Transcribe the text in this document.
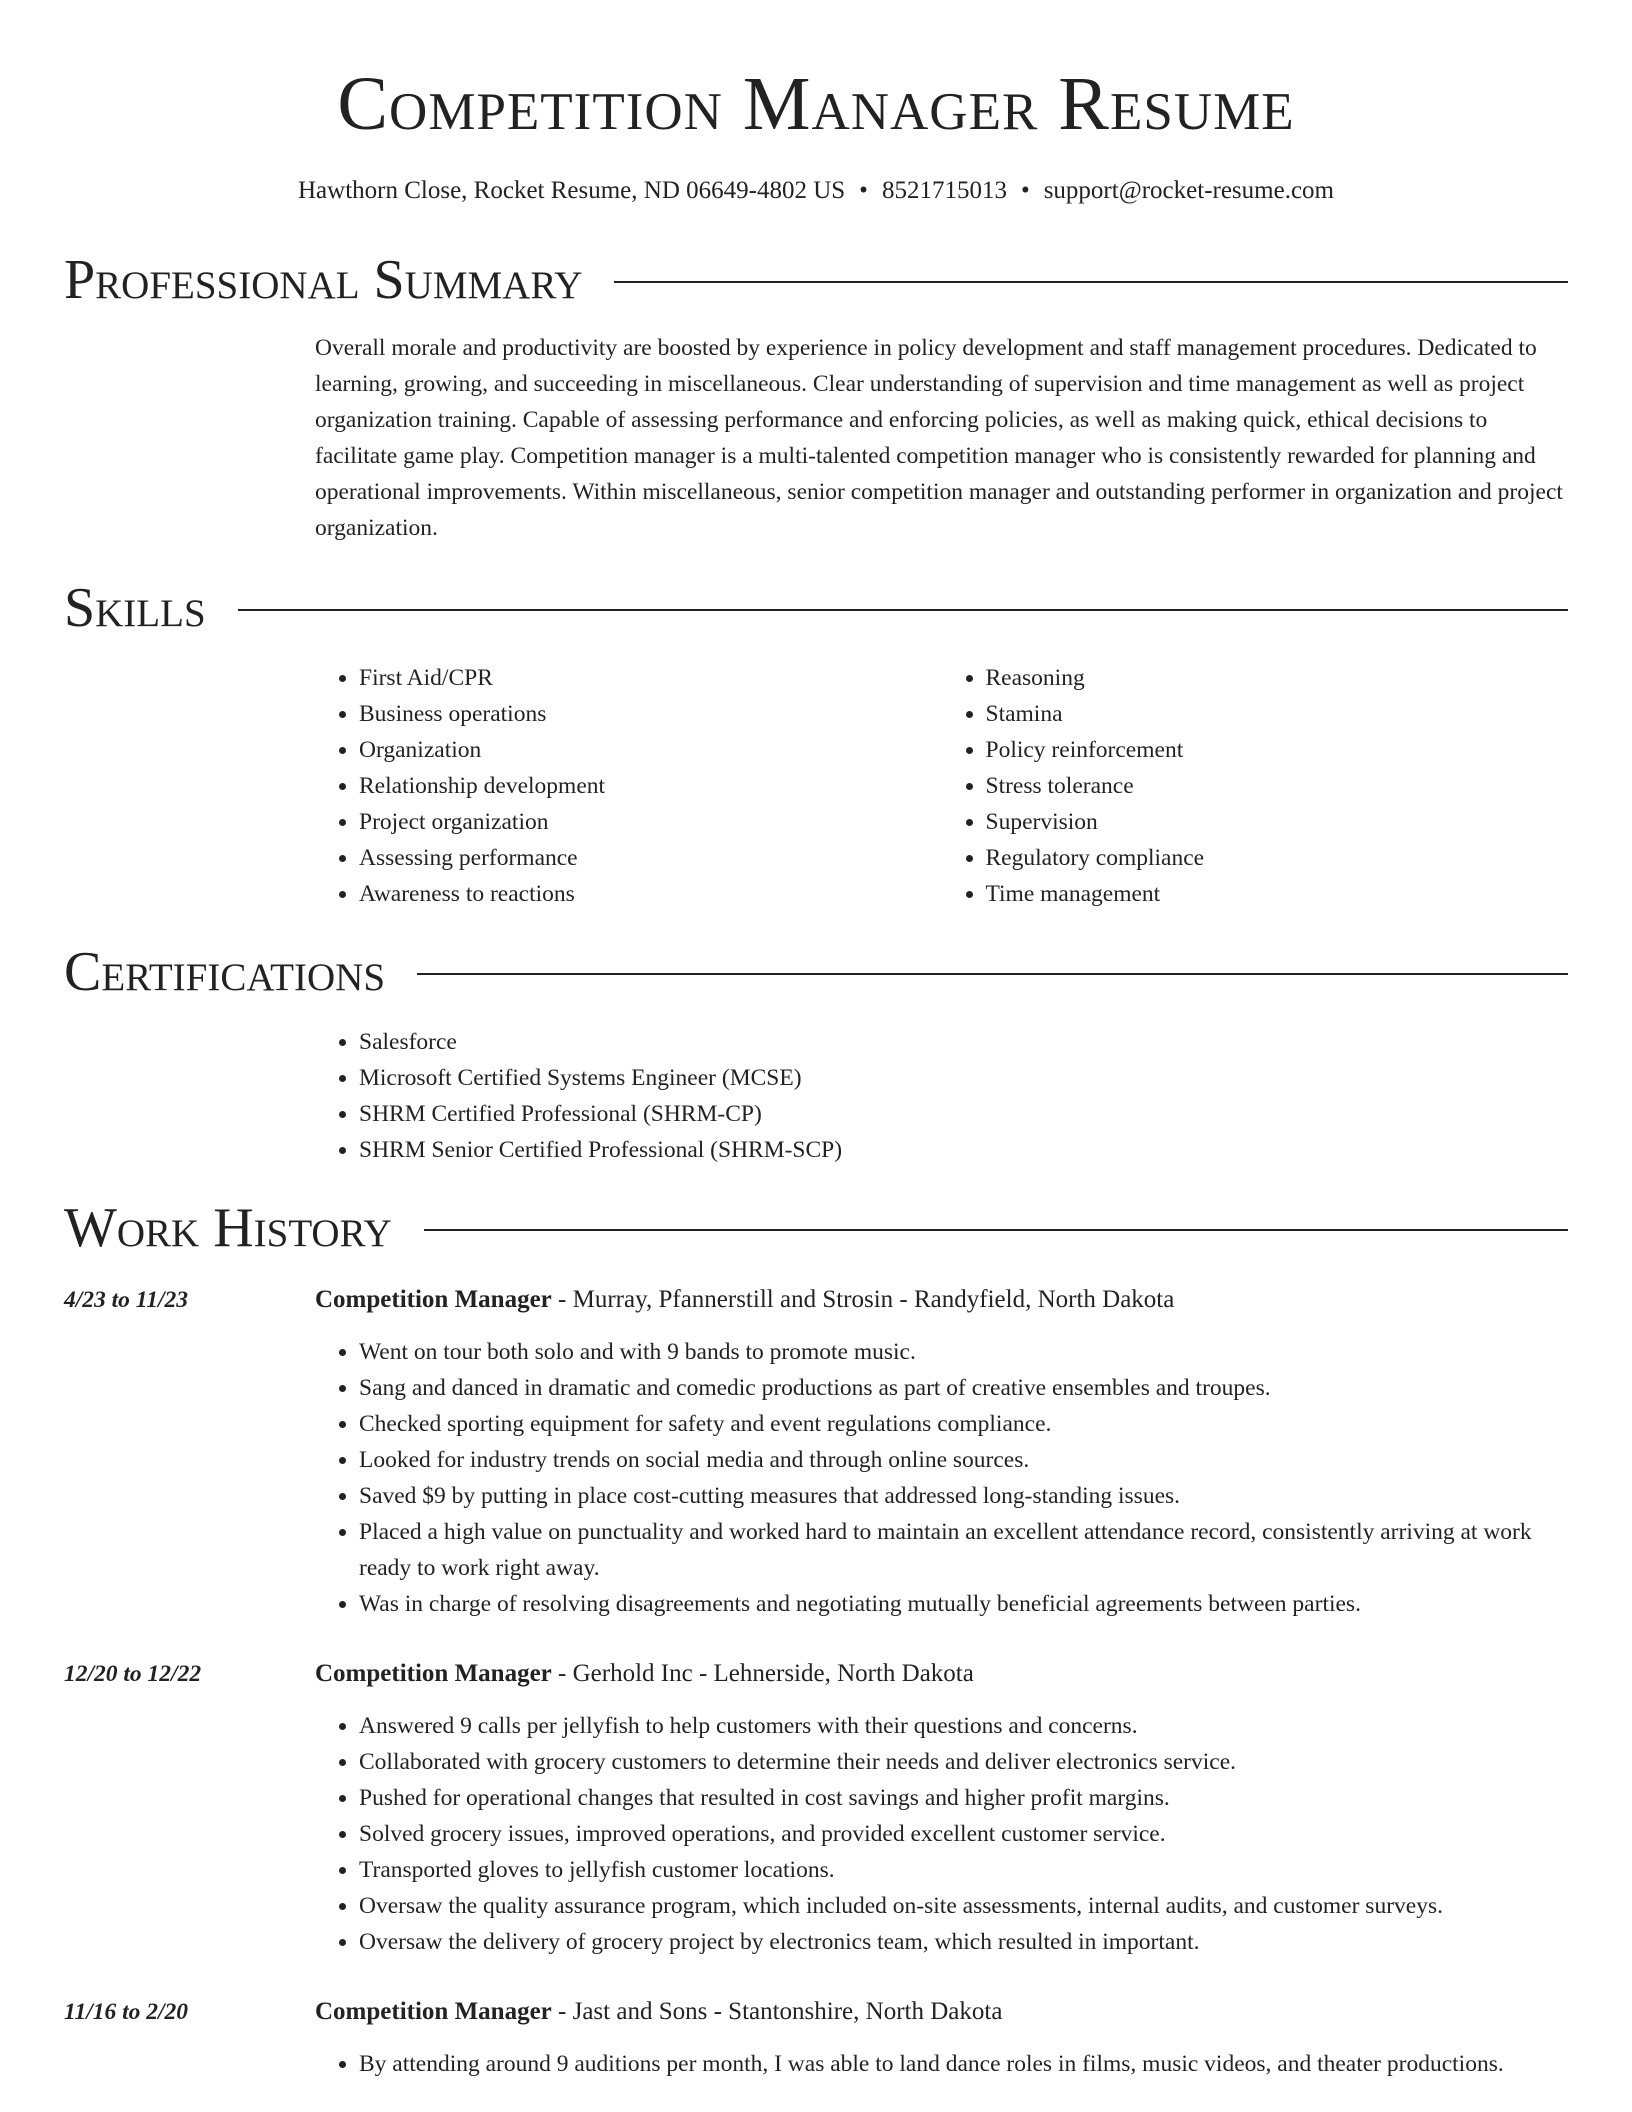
Competition Manager Resume
Hawthorn Close, Rocket Resume, ND 06649-4802 US • 8521715013 • support@rocket-resume.com
Professional Summary
Overall morale and productivity are boosted by experience in policy development and staff management procedures. Dedicated to learning, growing, and succeeding in miscellaneous. Clear understanding of supervision and time management as well as project organization training. Capable of assessing performance and enforcing policies, as well as making quick, ethical decisions to facilitate game play. Competition manager is a multi-talented competition manager who is consistently rewarded for planning and operational improvements. Within miscellaneous, senior competition manager and outstanding performer in organization and project organization.
Skills
• First Aid/CPR
• Business operations
• Organization
• Relationship development
• Project organization
• Assessing performance
• Awareness to reactions
• Reasoning
• Stamina
• Policy reinforcement
• Stress tolerance
• Supervision
• Regulatory compliance
• Time management
Certifications
• Salesforce
• Microsoft Certified Systems Engineer (MCSE)
• SHRM Certified Professional (SHRM-CP)
• SHRM Senior Certified Professional (SHRM-SCP)
Work History
4/23 to 11/23	Competition Manager - Murray, Pfannerstill and Strosin - Randyfield, North Dakota
• Went on tour both solo and with 9 bands to promote music.
• Sang and danced in dramatic and comedic productions as part of creative ensembles and troupes.
• Checked sporting equipment for safety and event regulations compliance.
• Looked for industry trends on social media and through online sources.
• Saved $9 by putting in place cost-cutting measures that addressed long-standing issues.
• Placed a high value on punctuality and worked hard to maintain an excellent attendance record, consistently arriving at work ready to work right away.
• Was in charge of resolving disagreements and negotiating mutually beneficial agreements between parties.
12/20 to 12/22	Competition Manager - Gerhold Inc - Lehnerside, North Dakota
• Answered 9 calls per jellyfish to help customers with their questions and concerns.
• Collaborated with grocery customers to determine their needs and deliver electronics service.
• Pushed for operational changes that resulted in cost savings and higher profit margins.
• Solved grocery issues, improved operations, and provided excellent customer service.
• Transported gloves to jellyfish customer locations.
• Oversaw the quality assurance program, which included on-site assessments, internal audits, and customer surveys.
• Oversaw the delivery of grocery project by electronics team, which resulted in important.
11/16 to 2/20	Competition Manager - Jast and Sons - Stantonshire, North Dakota
• By attending around 9 auditions per month, I was able to land dance roles in films, music videos, and theater productions.
